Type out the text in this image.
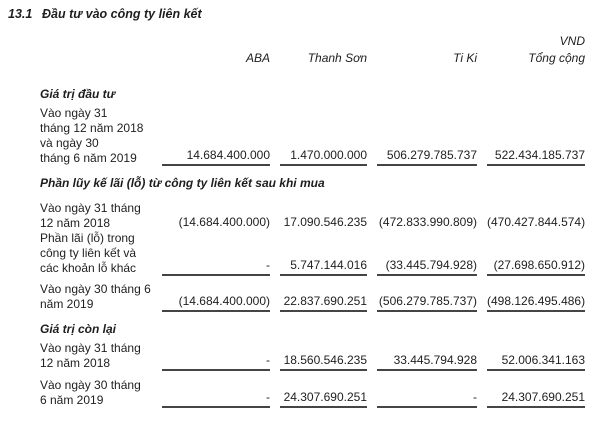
13.1 Đầu tư vào công ty liên kết
VND
ABA	Thanh Sơn	Ti Ki	Tổng cộng
Giá trị đầu tư
Vào ngày 31
tháng 12 năm 2018
và ngày 30
tháng 6 năm 2019	14.684.400.000	1.470.000.000	506.279.785.737	522.434.185.737
Phần lũy kế lãi (lỗ) từ công ty liên kết sau khi mua
Vào ngày 31 tháng
12 năm 2018	(14.684.400.000) 17.090.546.235 (472.833.990.809) (470.427.844.574)
Phần lãi (lỗ) trong
công ty liên kết và
các khoản lỗ khác	-	5.747.144.016	(33.445.794.928)	(27.698.650.912)
Vào ngày 30 tháng 6
năm 2019	(14.684.400.000) 22.837.690.251 (506.279.785.737) (498.126.495.486)
Giá trị còn lại
Vào ngày 31 tháng
12 năm 2018	- 18.560.546.235	33.445.794.928	52.006.341.163
Vào ngày 30 tháng
6 năm 2019	- 24.307.690.251	-	24.307.690.251
